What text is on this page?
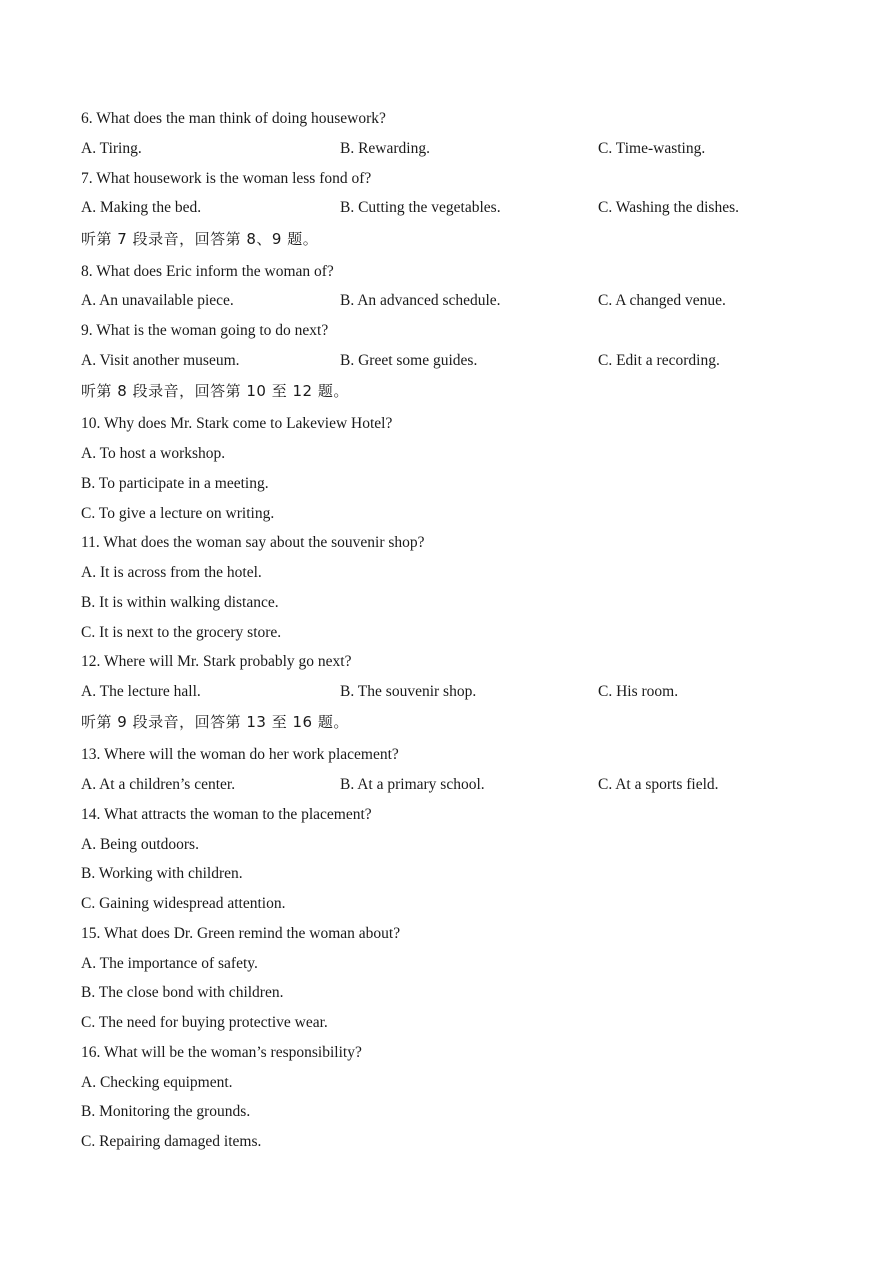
6. What does the man think of doing housework?
A. Tiring.	B. Rewarding.	C. Time-wasting.
7. What housework is the woman less fond of?
A. Making the bed.	B. Cutting the vegetables.	C. Washing the dishes.
听第 7 段录音，回答第 8、9 题。
8. What does Eric inform the woman of?
A. An unavailable piece.	B. An advanced schedule.	C. A changed venue.
9. What is the woman going to do next?
A. Visit another museum.	B. Greet some guides.	C. Edit a recording.
听第 8 段录音，回答第 10 至 12 题。
10. Why does Mr. Stark come to Lakeview Hotel?
A. To host a workshop.
B. To participate in a meeting.
C. To give a lecture on writing.
11. What does the woman say about the souvenir shop?
A. It is across from the hotel.
B. It is within walking distance.
C. It is next to the grocery store.
12. Where will Mr. Stark probably go next?
A. The lecture hall.	B. The souvenir shop.	C. His room.
听第 9 段录音，回答第 13 至 16 题。
13. Where will the woman do her work placement?
A. At a children’s center.	B. At a primary school.	C. At a sports field.
14. What attracts the woman to the placement?
A. Being outdoors.
B. Working with children.
C. Gaining widespread attention.
15. What does Dr. Green remind the woman about?
A. The importance of safety.
B. The close bond with children.
C. The need for buying protective wear.
16. What will be the woman’s responsibility?
A. Checking equipment.
B. Monitoring the grounds.
C. Repairing damaged items.
